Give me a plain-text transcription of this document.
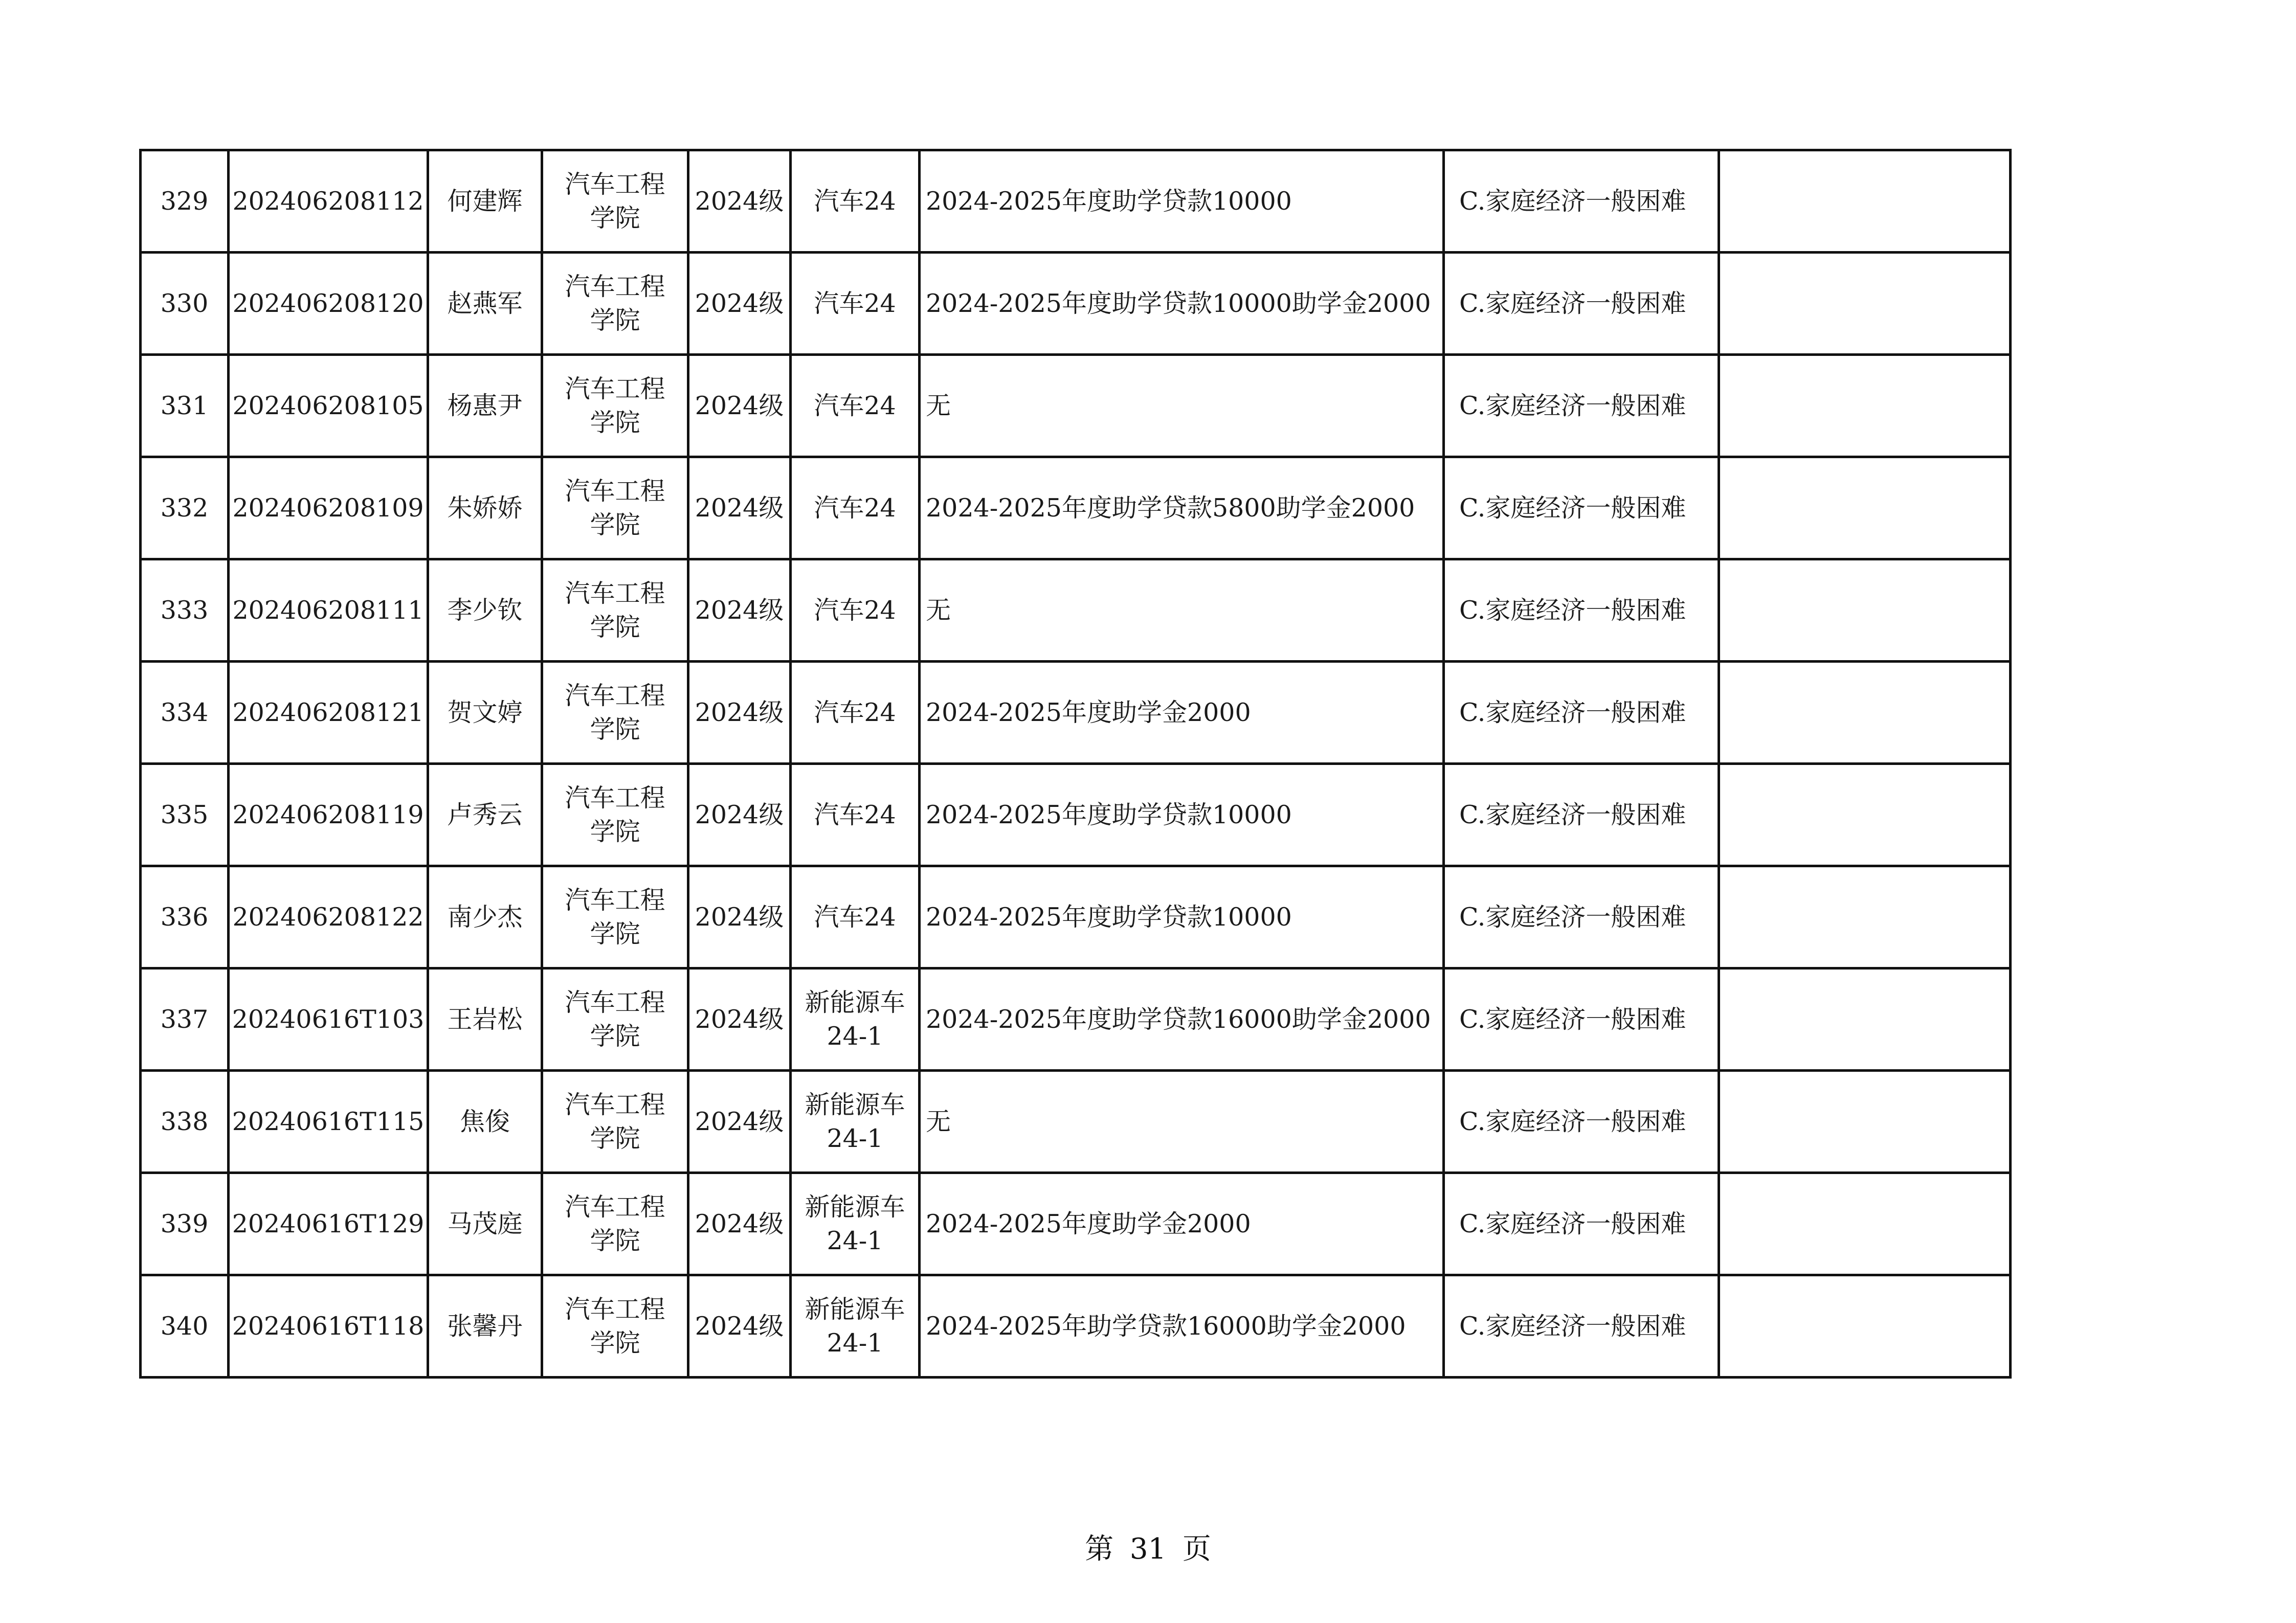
329	202406208112	何建辉	汽车工程学院	2024级	汽车24	2024-2025年度助学贷款10000	C.家庭经济一般困难	
330	202406208120	赵燕军	汽车工程学院	2024级	汽车24	2024-2025年度助学贷款10000助学金2000	C.家庭经济一般困难	
331	202406208105	杨惠尹	汽车工程学院	2024级	汽车24	无	C.家庭经济一般困难	
332	202406208109	朱娇娇	汽车工程学院	2024级	汽车24	2024-2025年度助学贷款5800助学金2000	C.家庭经济一般困难	
333	202406208111	李少钦	汽车工程学院	2024级	汽车24	无	C.家庭经济一般困难	
334	202406208121	贺文婷	汽车工程学院	2024级	汽车24	2024-2025年度助学金2000	C.家庭经济一般困难	
335	202406208119	卢秀云	汽车工程学院	2024级	汽车24	2024-2025年度助学贷款10000	C.家庭经济一般困难	
336	202406208122	南少杰	汽车工程学院	2024级	汽车24	2024-2025年度助学贷款10000	C.家庭经济一般困难	
337	20240616T103	王岩松	汽车工程学院	2024级	新能源车24-1	2024-2025年度助学贷款16000助学金2000	C.家庭经济一般困难	
338	20240616T115	焦俊	汽车工程学院	2024级	新能源车24-1	无	C.家庭经济一般困难	
339	20240616T129	马茂庭	汽车工程学院	2024级	新能源车24-1	2024-2025年度助学金2000	C.家庭经济一般困难	
340	20240616T118	张馨丹	汽车工程学院	2024级	新能源车24-1	2024-2025年助学贷款16000助学金2000	C.家庭经济一般困难	
第 31 页
